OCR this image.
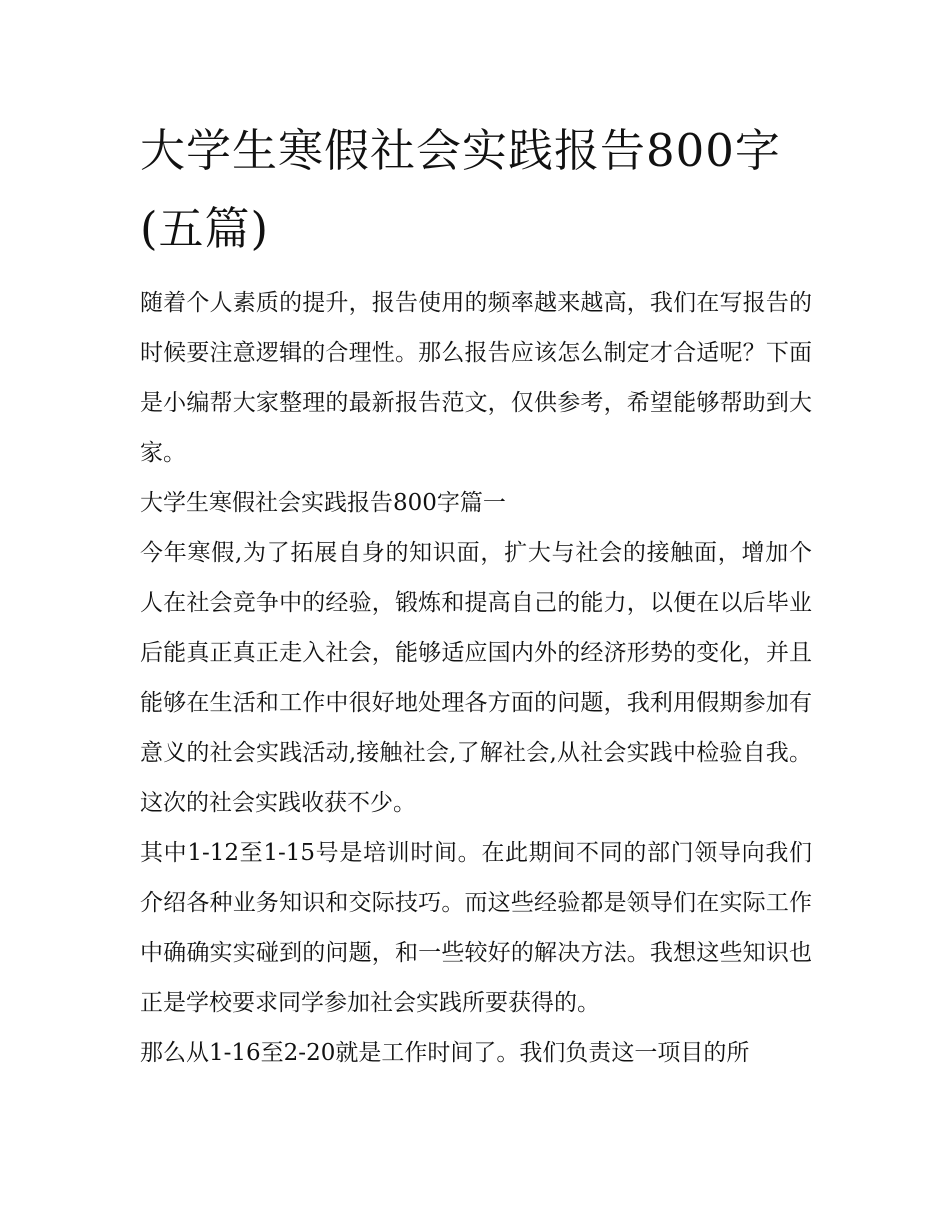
大学生寒假社会实践报告800字(五篇)

随着个人素质的提升，报告使用的频率越来越高，我们在写报告的时候要注意逻辑的合理性。那么报告应该怎么制定才合适呢？下面是小编帮大家整理的最新报告范文，仅供参考，希望能够帮助到大家。

大学生寒假社会实践报告800字篇一

今年寒假,为了拓展自身的知识面，扩大与社会的接触面，增加个人在社会竞争中的经验，锻炼和提高自己的能力，以便在以后毕业后能真正真正走入社会，能够适应国内外的经济形势的变化，并且能够在生活和工作中很好地处理各方面的问题，我利用假期参加有意义的社会实践活动,接触社会,了解社会,从社会实践中检验自我。这次的社会实践收获不少。

其中1-12至1-15号是培训时间。在此期间不同的部门领导向我们介绍各种业务知识和交际技巧。而这些经验都是领导们在实际工作中确确实实碰到的问题，和一些较好的解决方法。我想这些知识也正是学校要求同学参加社会实践所要获得的。

那么从1-16至2-20就是工作时间了。我们负责这一项目的所
